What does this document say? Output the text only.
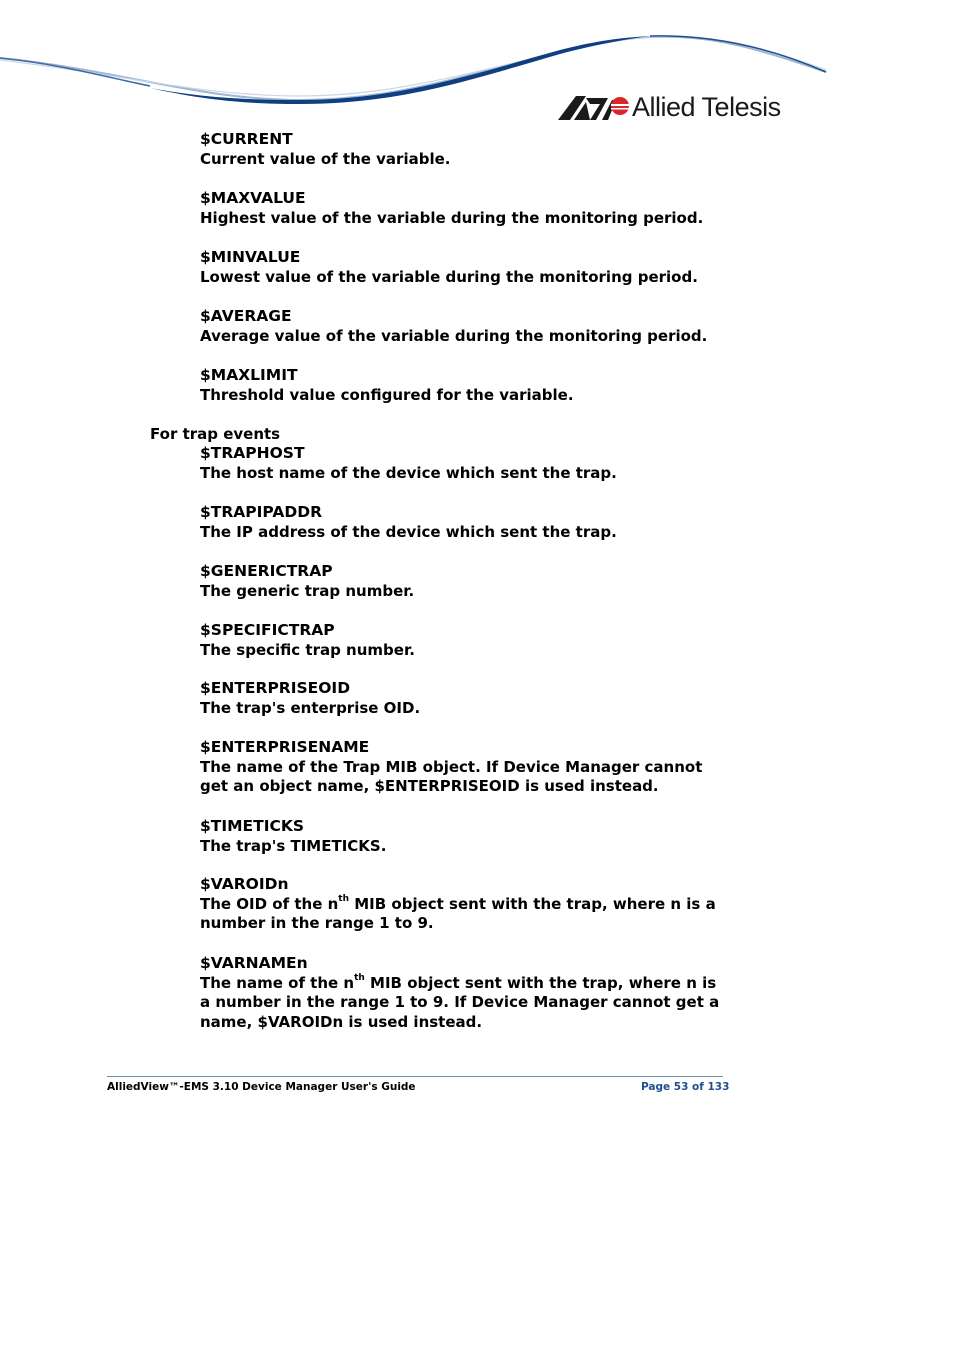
Allied Telesis
$CURRENT
Current value of the variable.
$MAXVALUE
Highest value of the variable during the monitoring period.
$MINVALUE
Lowest value of the variable during the monitoring period.
$AVERAGE
Average value of the variable during the monitoring period.
$MAXLIMIT
Threshold value configured for the variable.
For trap events
$TRAPHOST
The host name of the device which sent the trap.
$TRAPIPADDR
The IP address of the device which sent the trap.
$GENERICTRAP
The generic trap number.
$SPECIFICTRAP
The specific trap number.
$ENTERPRISEOID
The trap's enterprise OID.
$ENTERPRISENAME
The name of the Trap MIB object. If Device Manager cannot get an object name, $ENTERPRISEOID is used instead.
$TIMETICKS
The trap's TIMETICKS.
$VAROIDn
The OID of the $n^{th}$ MIB object sent with the trap, where n is a number in the range 1 to 9.
$VARNAMEn
The name of the $n^{th}$ MIB object sent with the trap, where n is a number in the range 1 to 9. If Device Manager cannot get a name, $VAROIDn is used instead.
AlliedView™-EMS 3.10 Device Manager User's Guide	Page 53 of 133
